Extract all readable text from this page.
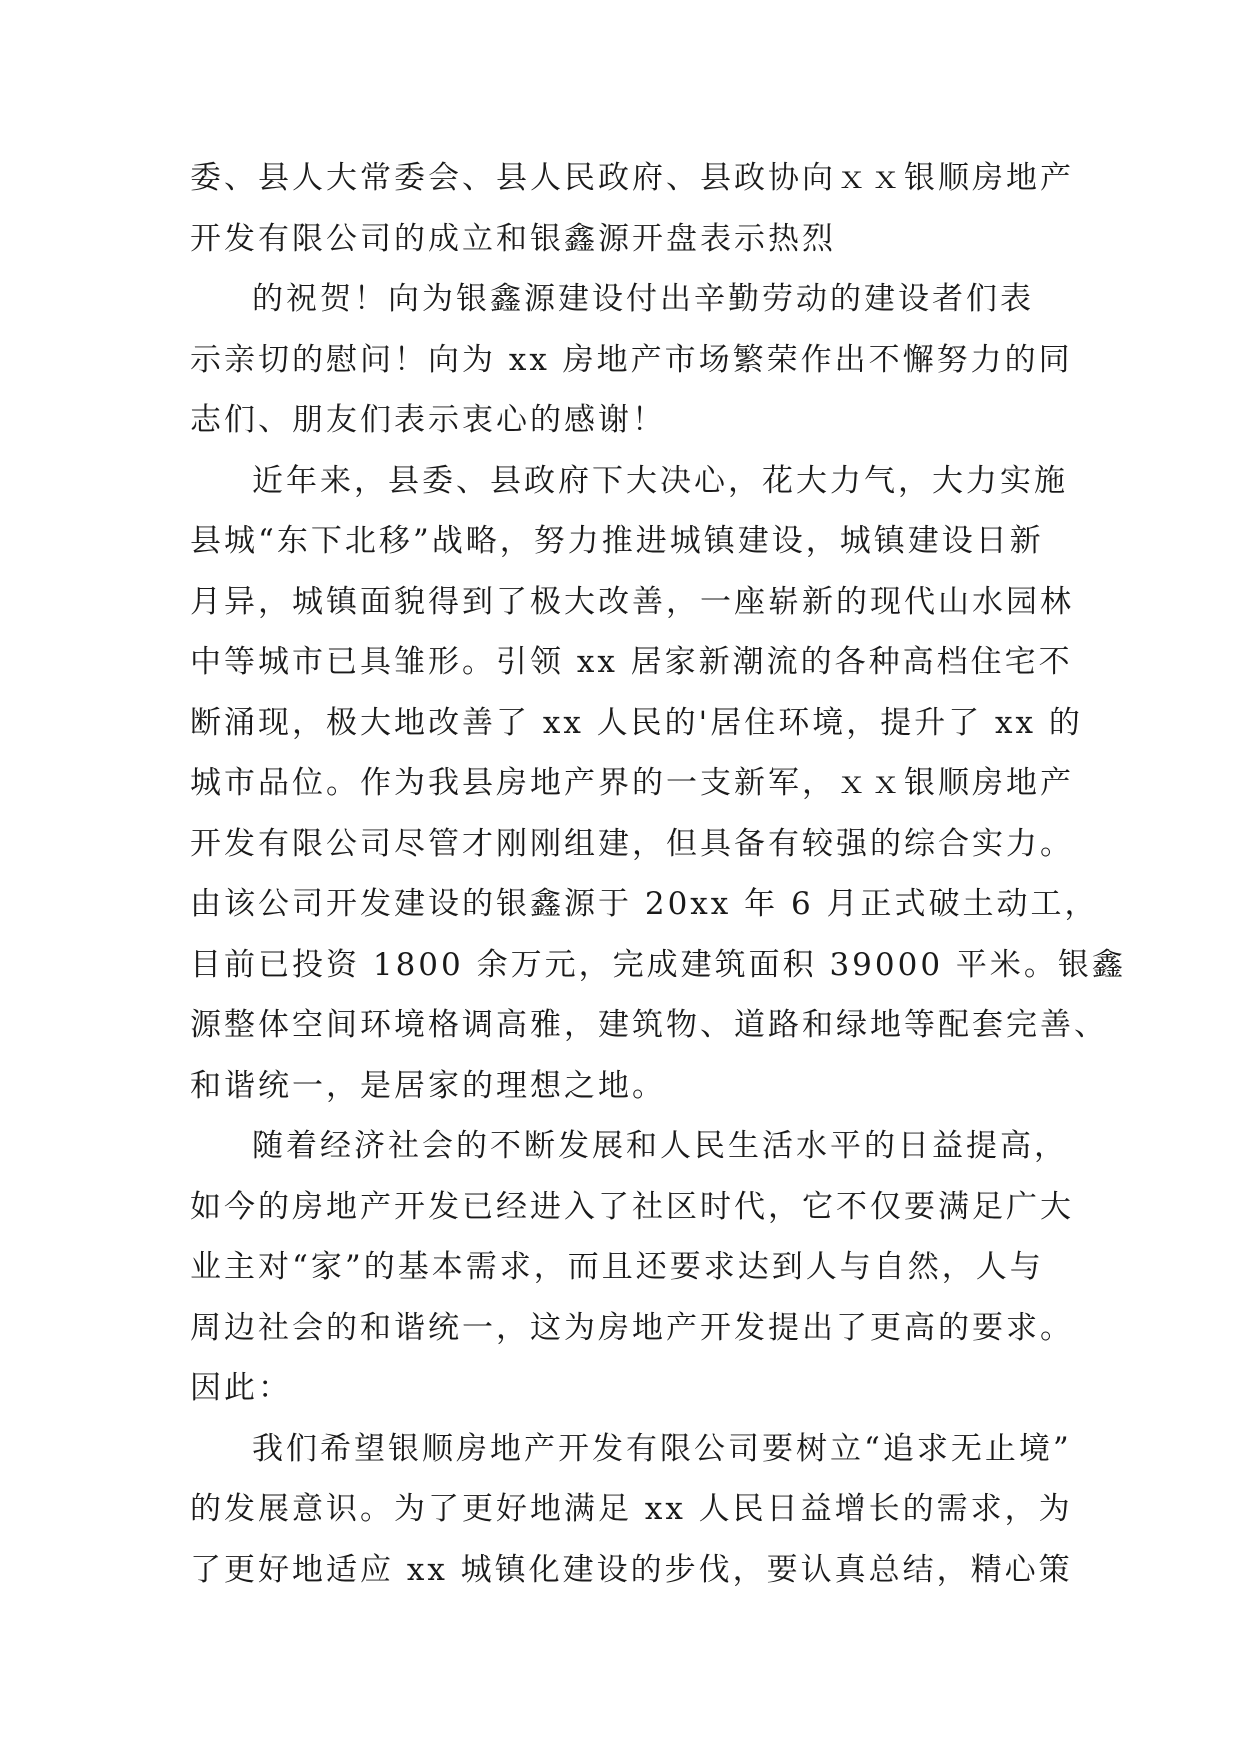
委、县人大常委会、县人民政府、县政协向ｘｘ银顺房地产
开发有限公司的成立和银鑫源开盘表示热烈
的祝贺！向为银鑫源建设付出辛勤劳动的建设者们表
示亲切的慰问！向为 xx 房地产市场繁荣作出不懈努力的同
志们、朋友们表示衷心的感谢！
近年来，县委、县政府下大决心，花大力气，大力实施
县城“东下北移”战略，努力推进城镇建设，城镇建设日新
月异，城镇面貌得到了极大改善，一座崭新的现代山水园林
中等城市已具雏形。引领 xx 居家新潮流的各种高档住宅不
断涌现，极大地改善了 xx 人民的'居住环境，提升了 xx 的
城市品位。作为我县房地产界的一支新军，ｘｘ银顺房地产
开发有限公司尽管才刚刚组建，但具备有较强的综合实力。
由该公司开发建设的银鑫源于 20xx 年 6 月正式破土动工，
目前已投资 1800 余万元，完成建筑面积 39000 平米。银鑫
源整体空间环境格调高雅，建筑物、道路和绿地等配套完善、
和谐统一，是居家的理想之地。
随着经济社会的不断发展和人民生活水平的日益提高，
如今的房地产开发已经进入了社区时代，它不仅要满足广大
业主对“家”的基本需求，而且还要求达到人与自然，人与
周边社会的和谐统一，这为房地产开发提出了更高的要求。
因此：
我们希望银顺房地产开发有限公司要树立“追求无止境”
的发展意识。为了更好地满足 xx 人民日益增长的需求，为
了更好地适应 xx 城镇化建设的步伐，要认真总结，精心策
